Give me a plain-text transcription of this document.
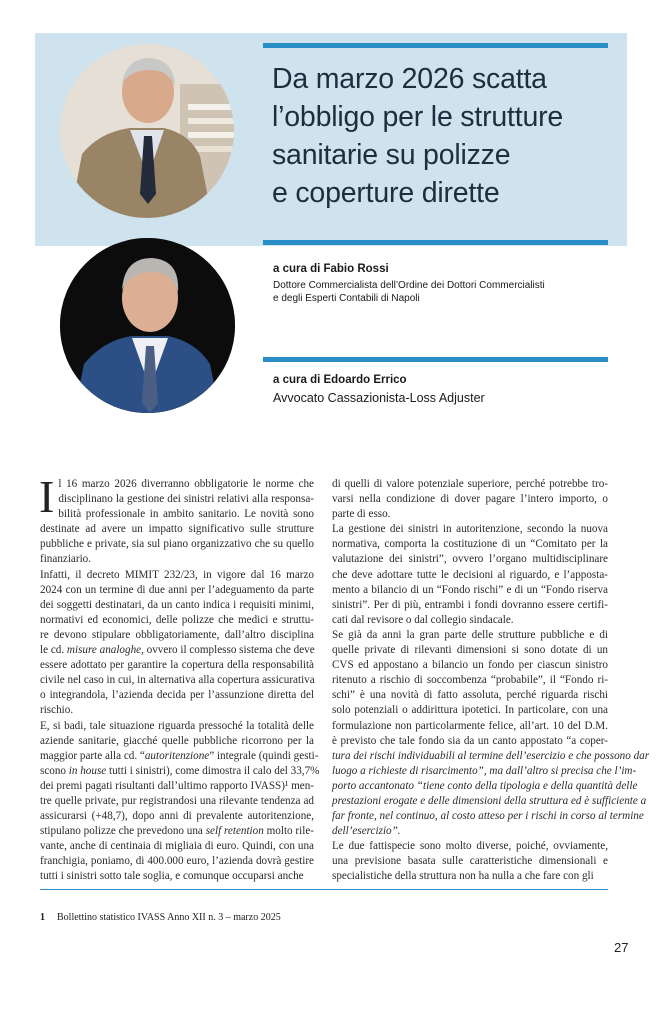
Da marzo 2026 scatta
l’obbligo per le strutture
sanitarie su polizze
e coperture dirette
a cura di Fabio Rossi
Dottore Commercialista dell’Ordine dei Dottori Commercialisti
e degli Esperti Contabili di Napoli
a cura di Edoardo Errico
Avvocato Cassazionista-Loss Adjuster
I l 16 marzo 2026 diverranno obbligatorie le norme che
disciplinano la gestione dei sinistri relativi alla responsa-
bilità professionale in ambito sanitario. Le novità sono
destinate ad avere un impatto significativo sulle strutture
pubbliche e private, sia sul piano organizzativo che su quello
finanziario.
Infatti, il decreto MIMIT 232/23, in vigore dal 16 marzo
2024 con un termine di due anni per l’adeguamento da parte
dei soggetti destinatari, da un canto indica i requisiti minimi,
normativi ed economici, delle polizze che medici e struttu-
re devono stipulare obbligatoriamente, dall’altro disciplina
le cd. misure analoghe, ovvero il complesso sistema che deve
essere adottato per garantire la copertura della responsabilità
civile nel caso in cui, in alternativa alla copertura assicurativa
o integrandola, l’azienda decida per l’assunzione diretta del
rischio.
E, si badi, tale situazione riguarda pressoché la totalità delle
aziende sanitarie, giacché quelle pubbliche ricorrono per la
maggior parte alla cd. “autoritenzione” integrale (quindi gesti-
scono in house tutti i sinistri), come dimostra il calo del 33,7%
dei premi pagati risultanti dall’ultimo rapporto IVASS)¹ men-
tre quelle private, pur registrandosi una rilevante tendenza ad
assicurarsi (+48,7), dopo anni di prevalente autoritenzione,
stipulano polizze che prevedono una self retention molto rile-
vante, anche di centinaia di migliaia di euro. Quindi, con una
franchigia, poniamo, di 400.000 euro, l’azienda dovrà gestire
tutti i sinistri sotto tale soglia, e comunque occuparsi anche
di quelli di valore potenziale superiore, perché potrebbe tro-
varsi nella condizione di dover pagare l’intero importo, o
parte di esso.
La gestione dei sinistri in autoritenzione, secondo la nuova
normativa, comporta la costituzione di un “Comitato per la
valutazione dei sinistri”, ovvero l’organo multidisciplinare
che deve adottare tutte le decisioni al riguardo, e l’apposta-
mento a bilancio di un “Fondo rischi” e di un “Fondo riserva
sinistri”. Per di più, entrambi i fondi dovranno essere certifi-
cati dal revisore o dal collegio sindacale.
Se già da anni la gran parte delle strutture pubbliche e di
quelle private di rilevanti dimensioni si sono dotate di un
CVS ed appostano a bilancio un fondo per ciascun sinistro
ritenuto a rischio di soccombenza “probabile”, il “Fondo ri-
schi” è una novità di fatto assoluta, perché riguarda rischi
solo potenziali o addirittura ipotetici. In particolare, con una
formulazione non particolarmente felice, all’art. 10 del D.M.
è previsto che tale fondo sia da un canto appostato “a coper-
tura dei rischi individuabili al termine dell’esercizio e che possono dar
luogo a richieste di risarcimento”, ma dall’altro si precisa che l’im-
porto accantonato “tiene conto della tipologia e della quantità delle
prestazioni erogate e delle dimensioni della struttura ed è sufficiente a
far fronte, nel continuo, al costo atteso per i rischi in corso al termine
dell’esercizio”.
Le due fattispecie sono molto diverse, poiché, ovviamente,
una previsione basata sulle caratteristiche dimensionali e
specialistiche della struttura non ha nulla a che fare con gli
1 Bollettino statistico IVASS Anno XII n. 3 – marzo 2025
27
